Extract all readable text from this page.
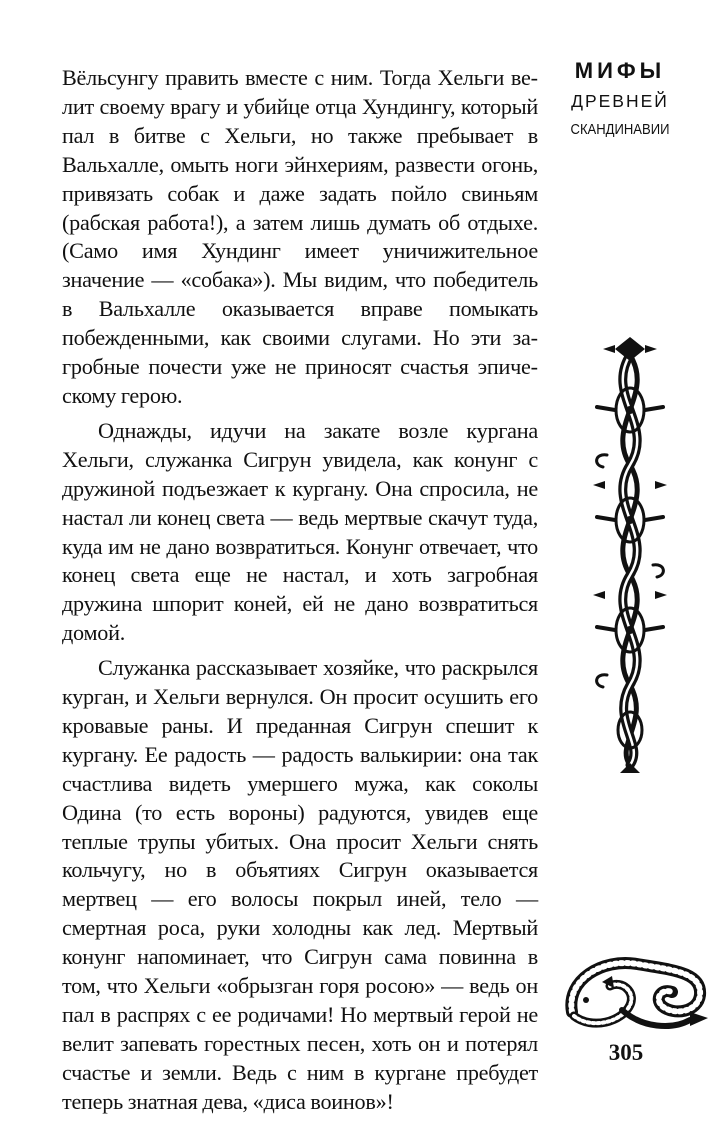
Вёльсунгу править вместе с ним. Тогда Хельги велит своему врагу и убийце отца Хундингу, который пал в битве с Хельги, но также пребывает в Вальхалле, омыть ноги эйнхериям, развести огонь, привязать собак и даже задать пойло свиньям (рабская работа!), а затем лишь думать об отдыхе. (Само имя Хундинг имеет уничижительное значение — «собака»). Мы видим, что победитель в Вальхалле оказывается вправе помыкать побежденными, как своими слугами. Но эти загробные почести уже не приносят счастья эпическому герою.

Однажды, идучи на закате возле кургана Хельги, служанка Сигрун увидела, как конунг с дружиной подъезжает к кургану. Она спросила, не настал ли конец света — ведь мертвые скачут туда, куда им не дано возвратиться. Конунг отвечает, что конец света еще не настал, и хоть загробная дружина шпорит коней, ей не дано возвратиться домой.

Служанка рассказывает хозяйке, что раскрылся курган, и Хельги вернулся. Он просит осушить его кровавые раны. И преданная Сигрун спешит к кургану. Ее радость — радость валькирии: она так счастлива видеть умершего мужа, как соколы Одина (то есть вороны) радуются, увидев еще теплые трупы убитых. Она просит Хельги снять кольчугу, но в объятиях Сигрун оказывается мертвец — его волосы покрыл иней, тело — смертная роса, руки холодны как лед. Мертвый конунг напоминает, что Сигрун сама повинна в том, что Хельги «обрызган горя росою» — ведь он пал в распрях с ее родичами! Но мертвый герой не велит запевать горестных песен, хоть он и потерял счастье и земли. Ведь с ним в кургане пребудет теперь знатная дева, «диса воинов»!

МИФЫ
ДРЕВНЕЙ
СКАНДИНАВИИ
305
